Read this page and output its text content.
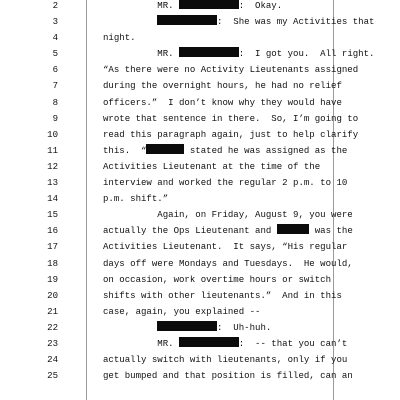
2	MR.	:  Okay.
3	:  She was my Activities that
4	night.
5	MR.	:  I got you.  All right.
6	“As there were no Activity Lieutenants assigned
7	during the overnight hours, he had no relief
8	officers.”  I don’t know why they would have
9	wrote that sentence in there.  So, I’m going to
10	read this paragraph again, just to help clarify
11	this.  “	stated he was assigned as the
12	Activities Lieutenant at the time of the
13	interview and worked the regular 2 p.m. to 10
14	p.m. shift.”
15	Again, on Friday, August 9, you were
16	actually the Ops Lieutenant and	was the
17	Activities Lieutenant.  It says, “His regular
18	days off were Mondays and Tuesdays.  He would,
19	on occasion, work overtime hours or switch
20	shifts with other lieutenants.”  And in this
21	case, again, you explained --
22	:  Uh-huh.
23	MR.	:  -- that you can’t
24	actually switch with lieutenants, only if you
25	get bumped and that position is filled, can an
